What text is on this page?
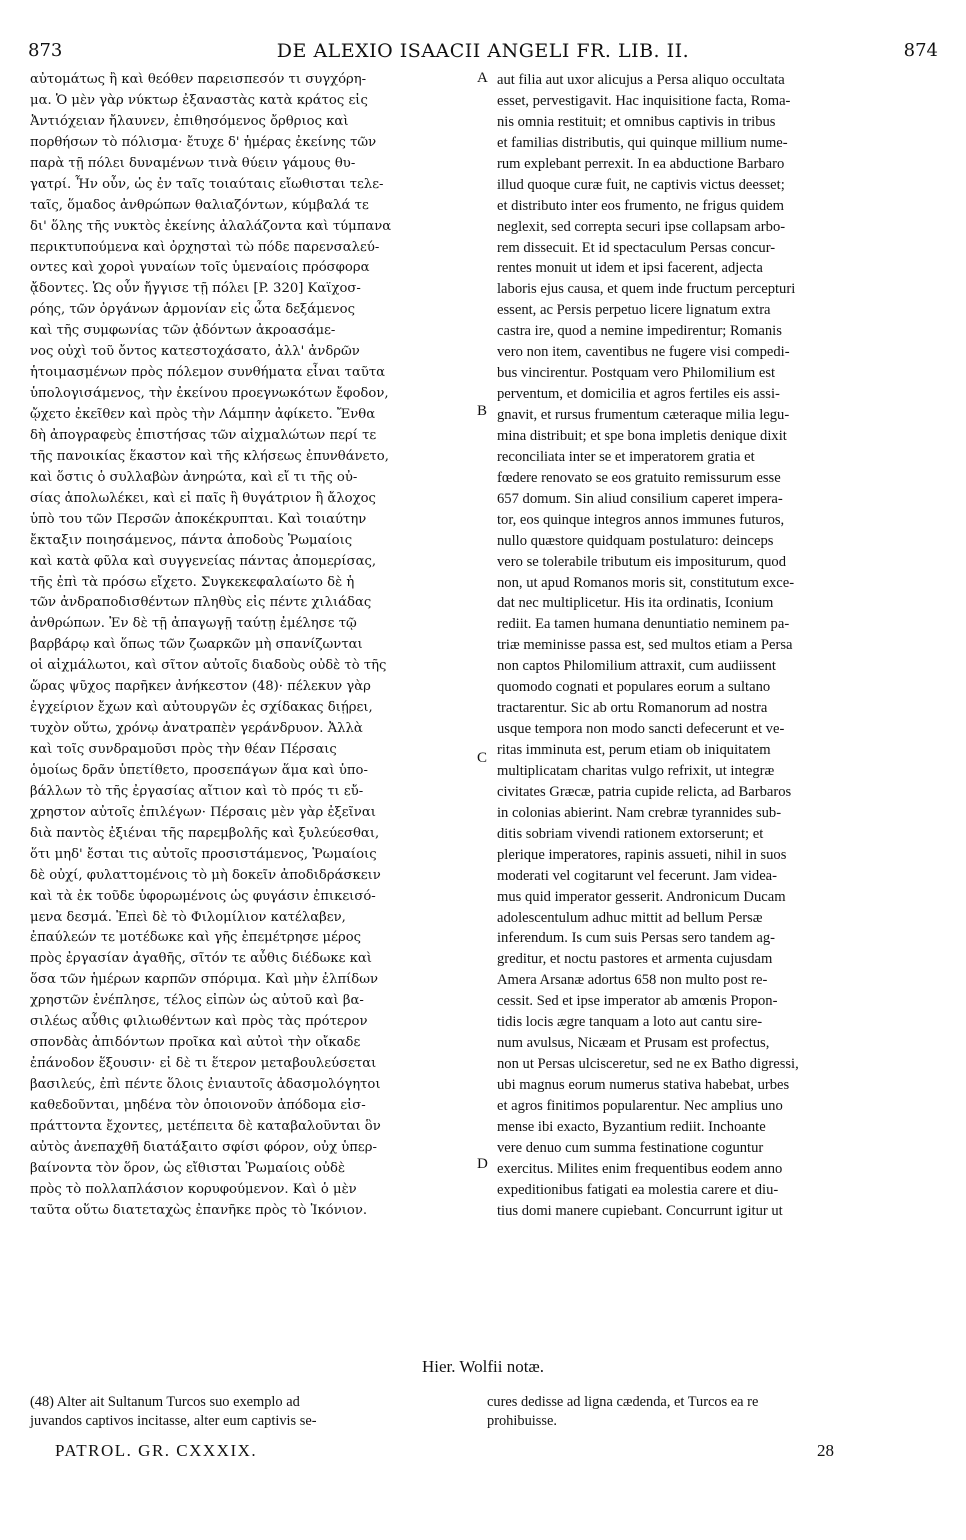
873	DE ALEXIO ISAACII ANGELI FR. LIB. II.	874
αὐτομάτως ἢ καὶ θεόθεν παρεισπεσόν τι συγχόρη-
μα. Ὁ μὲν γὰρ νύκτωρ ἐξαναστὰς κατὰ κράτος εἰς
Ἀντιόχειαν ἤλαυνεν, ἐπιθησόμενος ὄρθριος καὶ
πορθήσων τὸ πόλισμα· ἔτυχε δ' ἡμέρας ἐκείνης τῶν
παρὰ τῇ πόλει δυναμένων τινὰ θύειν γάμους θυ-
γατρί. Ἦν οὖν, ὡς ἐν ταῖς τοιαύταις εἴωθισται τελε-
ταῖς, ὅμαδος ἀνθρώπων θαλιαζόντων, κύμβαλά τε
δι' ὅλης τῆς νυκτὸς ἐκείνης ἀλαλάζοντα καὶ τύμπανα
περικτυπούμενα καὶ ὀρχησταὶ τὼ πόδε παρενσαλεύ-
οντες καὶ χοροὶ γυναίων τοῖς ὑμεναίοις πρόσφορα
ᾄδοντες. Ὡς οὖν ἤγγισε τῇ πόλει [P. 320] Καϊχοσ-
ρόης, τῶν ὀργάνων ἁρμονίαν εἰς ὦτα δεξάμενος
καὶ τῆς συμφωνίας τῶν ᾀδόντων ἀκροασάμε-
νος οὐχὶ τοῦ ὄντος κατεστοχάσατο, ἀλλ' ἀνδρῶν
ἡτοιμασμένων πρὸς πόλεμον συνθήματα εἶναι ταῦτα
ὑπολογισάμενος, τὴν ἐκείνου προεγνωκότων ἔφοδον,
ᾤχετο ἐκεῖθεν καὶ πρὸς τὴν Λάμπην ἀφίκετο. Ἔνθα
δὴ ἀπογραφεὺς ἐπιστήσας τῶν αἰχμαλώτων περί τε
τῆς πανοικίας ἕκαστον καὶ τῆς κλήσεως ἐπυνθάνετο,
καὶ ὅστις ὁ συλλαβὼν ἀνηρώτα, καὶ εἴ τι τῆς οὐ-
σίας ἀπολωλέκει, καὶ εἰ παῖς ἢ θυγάτριον ἢ ἄλοχος
ὑπὸ του τῶν Περσῶν ἀποκέκρυπται. Καὶ τοιαύτην
ἔκταξιν ποιησάμενος, πάντα ἀποδοὺς Ῥωμαίοις
καὶ κατὰ φῦλα καὶ συγγενείας πάντας ἀπομερίσας,
τῆς ἐπὶ τὰ πρόσω εἴχετο. Συγκεκεφαλαίωτο δὲ ἡ
τῶν ἀνδραποδισθέντων πληθὺς εἰς πέντε χιλιάδας
ἀνθρώπων. Ἐν δὲ τῇ ἀπαγωγῇ ταύτῃ ἐμέλησε τῷ
βαρβάρῳ καὶ ὅπως τῶν ζωαρκῶν μὴ σπανίζωνται
οἱ αἰχμάλωτοι, καὶ σῖτον αὐτοῖς διαδοὺς οὐδὲ τὸ τῆς
ὥρας ψῦχος παρῆκεν ἀνήκεστον (48)· πέλεκυν γὰρ
ἐγχείριον ἔχων καὶ αὐτουργῶν ἐς σχίδακας διῄρει,
τυχὸν οὕτω, χρόνῳ ἀνατραπὲν γεράνδρυον. Ἀλλὰ
καὶ τοῖς συνδραμοῦσι πρὸς τὴν θέαν Πέρσαις
ὁμοίως δρᾶν ὑπετίθετο, προσεπάγων ἅμα καὶ ὑπο-
βάλλων τὸ τῆς ἐργασίας αἴτιον καὶ τὸ πρός τι εὔ-
χρηστον αὐτοῖς ἐπιλέγων· Πέρσαις μὲν γὰρ ἐξεῖναι
διὰ παντὸς ἐξιέναι τῆς παρεμβολῆς καὶ ξυλεύεσθαι,
ὅτι μηδ' ἔσται τις αὐτοῖς προσιστάμενος, Ῥωμαίοις
δὲ οὐχί, φυλαττομένοις τὸ μὴ δοκεῖν ἀποδιδράσκειν
καὶ τὰ ἐκ τοῦδε ὑφορωμένοις ὡς φυγάσιν ἐπικεισό-
μενα δεσμά. Ἐπεὶ δὲ τὸ Φιλομίλιον κατέλαβεν,
ἐπαύλεών τε μοτέδωκε καὶ γῆς ἐπεμέτρησε μέρος
πρὸς ἐργασίαν ἀγαθῆς, σῖτόν τε αὖθις διέδωκε καὶ
ὅσα τῶν ἡμέρων καρπῶν σπόριμα. Καὶ μὴν ἐλπίδων
χρηστῶν ἐνέπλησε, τέλος εἰπὼν ὡς αὐτοῦ καὶ βα-
σιλέως αὖθις φιλιωθέντων καὶ πρὸς τὰς πρότερον
σπονδὰς ἀπιδόντων προῖκα καὶ αὐτοὶ τὴν οἴκαδε
ἐπάνοδον ἕξουσιν· εἰ δὲ τι ἕτερον μεταβουλεύσεται
βασιλεύς, ἐπὶ πέντε ὅλοις ἐνιαυτοῖς ἀδασμολόγητοι
καθεδοῦνται, μηδένα τὸν ὁποιονοῦν ἀπόδομα εἰσ-
πράττοντα ἔχοντες, μετέπειτα δὲ καταβαλοῦνται ὃν
αὐτὸς ἀνεπαχθῆ διατάξαιτο σφίσι φόρον, οὐχ ὑπερ-
βαίνοντα τὸν ὅρον, ὡς εἴθισται Ῥωμαίοις οὐδὲ
πρὸς τὸ πολλαπλάσιον κορυφούμενον. Καὶ ὁ μὲν
ταῦτα οὕτω διατεταχὼς ἐπανῆκε πρὸς τὸ Ἰκόνιον.
aut filia aut uxor alicujus a Persa aliquo occultata
esset, pervestigavit. Hac inquisitione facta, Roma-
nis omnia restituit; et omnibus captivis in tribus
et familias distributis, qui quinque millium nume-
rum explebant perrexit. In ea abductione Barbaro
illud quoque curæ fuit, ne captivis victus deesset;
et distributo inter eos frumento, ne frigus quidem
neglexit, sed correpta securi ipse collapsam arbo-
rem dissecuit. Et id spectaculum Persas concur-
rentes monuit ut idem et ipsi facerent, adjecta
laboris ejus causa, et quem inde fructum percepturi
essent, ac Persis perpetuo licere lignatum extra
castra ire, quod a nemine impedirentur; Romanis
vero non item, caventibus ne fugere visi compedi-
bus vincirentur. Postquam vero Philomilium est
perventum, et domicilia et agros fertiles eis assi-
gnavit, et rursus frumentum cæteraque milia legu-
mina distribuit; et spe bona impletis denique dixit
reconciliata inter se et imperatorem gratia et
fœdere renovato se eos gratuito remissurum esse
657 domum. Sin aliud consilium caperet impera-
tor, eos quinque integros annos immunes futuros,
nullo quæstore quidquam postulaturo: deinceps
vero se tolerabile tributum eis impositurum, quod
non, ut apud Romanos moris sit, constitutum exce-
dat nec multiplicetur. His ita ordinatis, Iconium
rediit. Ea tamen humana denuntiatio neminem pa-
triæ meminisse passa est, sed multos etiam a Persa
non captos Philomilium attraxit, cum audiissent
quomodo cognati et populares eorum a sultano
tractarentur. Sic ab ortu Romanorum ad nostra
usque tempora non modo sancti defecerunt et ve-
ritas imminuta est, perum etiam ob iniquitatem
multiplicatam charitas vulgo refrixit, ut integræ
civitates Græcæ, patria cupide relicta, ad Barbaros
in colonias abierint. Nam crebræ tyrannides sub-
ditis sobriam vivendi rationem extorserunt; et
plerique imperatores, rapinis assueti, nihil in suos
moderati vel cogitarunt vel fecerunt. Jam videa-
mus quid imperator gesserit. Andronicum Ducam
adolescentulum adhuc mittit ad bellum Persæ
inferendum. Is cum suis Persas sero tandem ag-
greditur, et noctu pastores et armenta cujusdam
Amera Arsanæ adortus 658 non multo post re-
cessit. Sed et ipse imperator ab amœnis Propon-
tidis locis ægre tanquam a loto aut cantu sire-
num avulsus, Nicæam et Prusam est profectus,
non ut Persas ulcisceretur, sed ne ex Batho digressi,
ubi magnus eorum numerus stativa habebat, urbes
et agros finitimos popularentur. Nec amplius uno
mense ibi exacto, Byzantium rediit. Inchoante
vere denuo cum summa festinatione coguntur
exercitus. Milites enim frequentibus eodem anno
expeditionibus fatigati ea molestia carere et diu-
tius domi manere cupiebant. Concurrunt igitur ut
A
B
C
D
Hier. Wolfii notæ.
(48) Alter ait Sultanum Turcos suo exemplo ad
juvandos captivos incitasse, alter eum captivis se-
cures dedisse ad ligna cædenda, et Turcos ea re
prohibuisse.
PATROL. GR. CXXXIX.	28
